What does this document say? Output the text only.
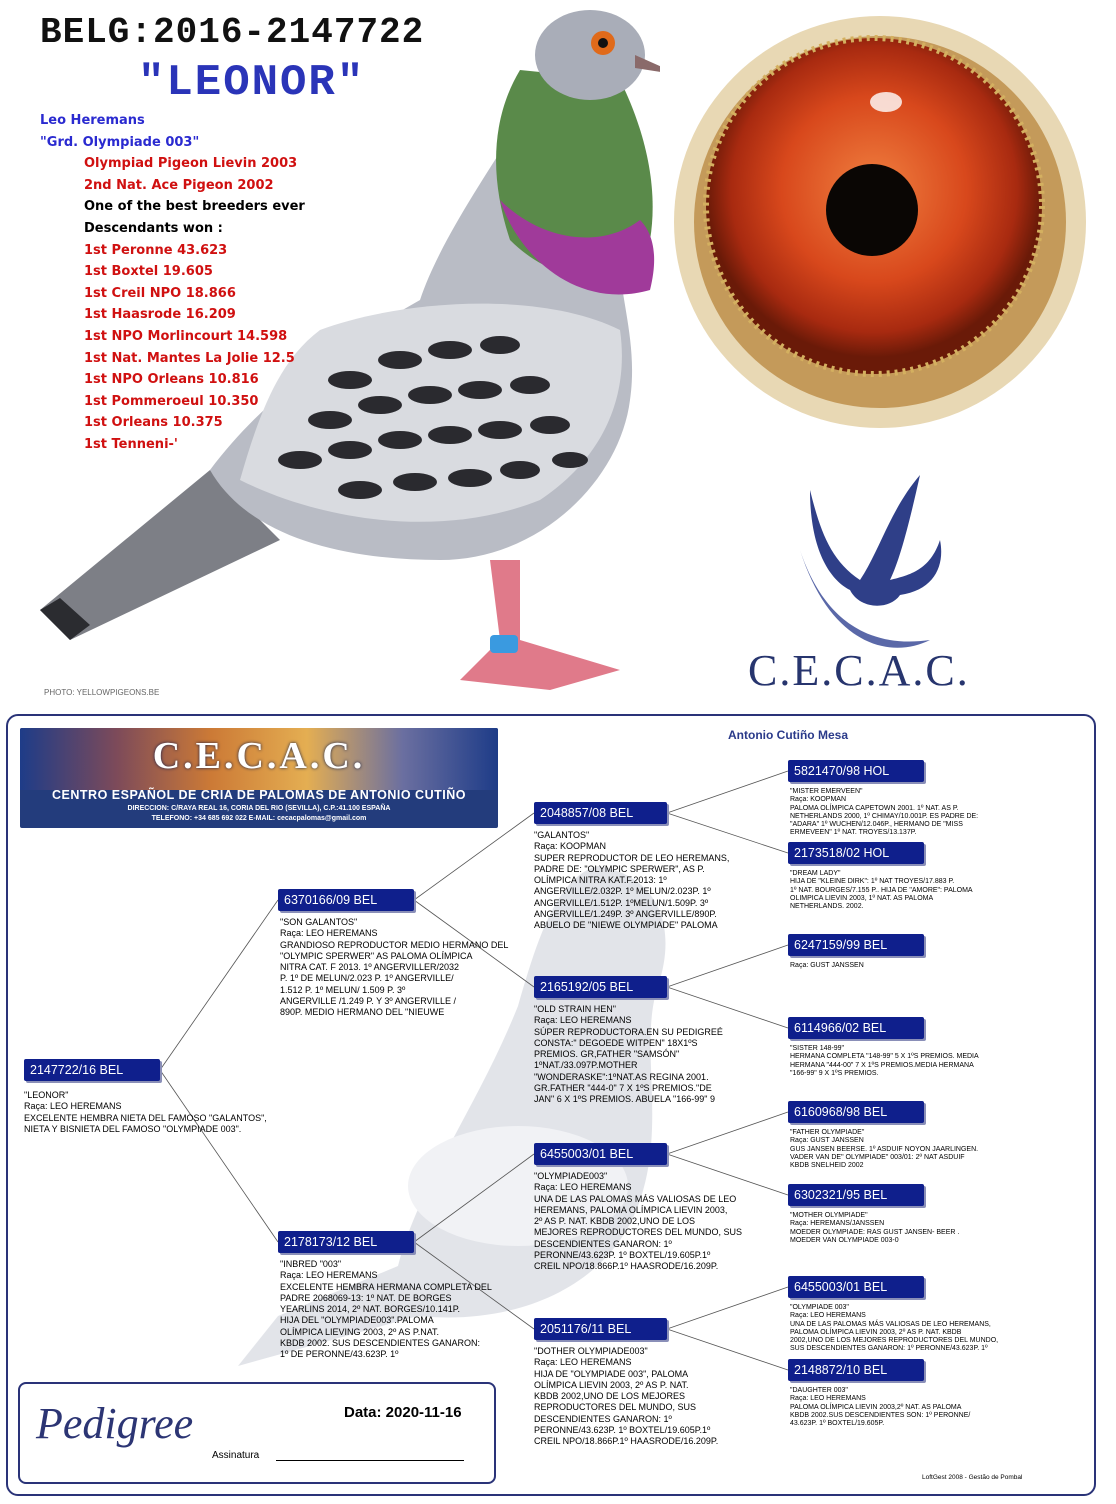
BELG:2016-2147722
"LEONOR"
Leo Heremans
"Grd. Olympiade 003"
Olympiad Pigeon Lievin 2003
2nd Nat. Ace Pigeon 2002
One of the best breeders ever
Descendants won :
1st Peronne 43.623
1st Boxtel 19.605
1st Creil NPO 18.866
1st Haasrode 16.209
1st NPO Morlincourt 14.598
1st Nat. Mantes La Jolie 12.5
1st NPO Orleans 10.816
1st Pommeroeul 10.350
1st Orleans 10.375
1st Tenneni-'
PHOTO: YELLOWPIGEONS.BE	C.E.C.A.C.
C.E.C.A.C.
CENTRO ESPAÑOL DE CRIA DE PALOMAS DE ANTONIO CUTIÑO
DIRECCION: C/RAYA REAL 16, CORIA DEL RIO (SEVILLA), C.P.:41.100 ESPAÑA
TELEFONO: +34 685 692 022 E-MAIL: cecacpalomas@gmail.com
Antonio Cutiño Mesa
2147722/16 BEL
"LEONOR"
Raça: LEO HEREMANS
EXCELENTE HEMBRA NIETA DEL FAMOSO "GALANTOS",
NIETA Y BISNIETA DEL FAMOSO "OLYMPIADE 003".
6370166/09 BEL
"SON GALANTOS"
Raça: LEO HEREMANS
GRANDIOSO REPRODUCTOR MEDIO HERMANO DEL
"OLYMPIC SPERWER" AS PALOMA OLÍMPICA
NITRA CAT. F 2013. 1º ANGERVILLER/2032
P. 1º DE MELUN/2.023 P. 1º ANGERVILLE/
1.512 P. 1º MELUN/ 1.509 P. 3º
ANGERVILLE /1.249 P. Y 3º ANGERVILLE /
890P. MEDIO HERMANO DEL "NIEUWE
2178173/12 BEL
"INBRED "003"
Raça: LEO HEREMANS
EXCELENTE HEMBRA HERMANA COMPLETA DEL
PADRE 2068069-13: 1º NAT. DE BORGES
YEARLINS 2014, 2º NAT. BORGES/10.141P.
HIJA DEL "OLYMPIADE003".PALOMA
OLÍMPICA LIEVING 2003, 2º AS P.NAT.
KBDB 2002. SUS DESCENDIENTES GANARON:
1º DE PERONNE/43.623P. 1º
2048857/08 BEL
"GALANTOS"
Raça: KOOPMAN
SUPER REPRODUCTOR DE LEO HEREMANS,
PADRE DE: "OLYMPIC SPERWER", AS P.
OLÍMPICA NITRA KAT.F.2013: 1º
ANGERVILLE/2.032P. 1º MELUN/2.023P. 1º
ANGERVILLE/1.512P. 1ºMELUN/1.509P. 3º
ANGERVILLE/1.249P. 3º ANGERVILLE/890P.
ABUELO DE "NIEWE OLYMPIADE" PALOMA
2165192/05 BEL
"OLD STRAIN HEN"
Raça: LEO HEREMANS
SÚPER REPRODUCTORA.EN SU PEDIGREÉ
CONSTA:" DEGOEDE WITPEN" 18X1ºS
PREMIOS. GR,FATHER "SAMSÓN"
1ºNAT./33.097P.MOTHER
"WONDERASKE":1ºNAT.AS REGINA 2001.
GR.FATHER "444-0" 7 X 1ºS PREMIOS."DE
JAN" 6 X 1ºS PREMIOS. ABUELA "166-99" 9
6455003/01 BEL
"OLYMPIADE003"
Raça: LEO HEREMANS
UNA DE LAS PALOMAS MÁS VALIOSAS DE LEO
HEREMANS, PALOMA OLÍMPICA LIEVIN 2003,
2º AS P. NAT. KBDB 2002,UNO DE LOS
MEJORES REPRODUCTORES DEL MUNDO, SUS
DESCENDIENTES GANARON: 1º
PERONNE/43.623P. 1º BOXTEL/19.605P.1º
CREIL NPO/18.866P.1º HAASRODE/16.209P.
2051176/11 BEL
"DOTHER OLYMPIADE003"
Raça: LEO HEREMANS
HIJA DE "OLYMPIADE 003", PALOMA
OLÍMPICA LIEVIN 2003, 2º AS P. NAT.
KBDB 2002,UNO DE LOS MEJORES
REPRODUCTORES DEL MUNDO, SUS
DESCENDIENTES GANARON: 1º
PERONNE/43.623P. 1º BOXTEL/19.605P.1º
CREIL NPO/18.866P.1º HAASRODE/16.209P.
5821470/98 HOL
"MISTER EMERVEEN"
Raça: KOOPMAN
PALOMA OLÍMPICA CAPETOWN 2001. 1º NAT. AS P.
NETHERLANDS 2000, 1º CHIMAY/10.001P. ES PADRE DE:
"ADARA" 1º WUCHEN/12.046P., HERMANO DE "MISS
ERMEVEEN" 1º NAT. TROYES/13.137P.
2173518/02 HOL
"DREAM LADY"
HIJA DE "KLEINE DIRK": 1º NAT TROYES/17.883 P.
1º NAT. BOURGES/7.155 P.. HIJA DE "AMORE": PALOMA
OLIMPICA LIEVIN 2003, 1º NAT. AS PALOMA
NETHERLANDS. 2002.
6247159/99 BEL
Raça: GUST JANSSEN
6114966/02 BEL
"SISTER 148-99"
HERMANA COMPLETA "148-99" 5 X 1ºS PREMIOS. MEDIA
HERMANA "444-00" 7 X 1ºS PREMIOS.MEDIA HERMANA
"166-99" 9 X 1ºS PREMIOS.
6160968/98 BEL
"FATHER OLYMPIADE"
Raça: GUST JANSSEN
GUS JANSEN BEERSE. 1º ASDUIF NOYON JAARLINGEN.
VADER VAN DE" OLYMPIADE" 003/01: 2º NAT ASDUIF
KBDB SNELHEID 2002
6302321/95 BEL
"MOTHER OLYMPIADE"
Raça: HEREMANS/JANSSEN
MOEDER OLYMPIADE: RAS GUST JANSEN- BEER .
MOEDER VAN OLYMPIADE 003-0
6455003/01 BEL
"OLYMPIADE 003"
Raça: LEO HEREMANS
UNA DE LAS PALOMAS MÁS VALIOSAS DE LEO HEREMANS,
PALOMA OLÍMPICA LIEVIN 2003, 2º AS P. NAT. KBDB
2002,UNO DE LOS MEJORES REPRODUCTORES DEL MUNDO,
SUS DESCENDIENTES GANARON: 1º PERONNE/43.623P. 1º
2148872/10 BEL
"DAUGHTER 003"
Raça: LEO HEREMANS
PALOMA OLÍMPICA LIEVIN 2003,2º NAT. AS PALOMA
KBDB 2002.SUS DESCENDIENTES SON: 1º PERONNE/
43.623P. 1º BOXTEL/19.605P.
Pedigree	Data: 2020-11-16
Assinatura
LoftGest 2008 - Gestão de Pombal
